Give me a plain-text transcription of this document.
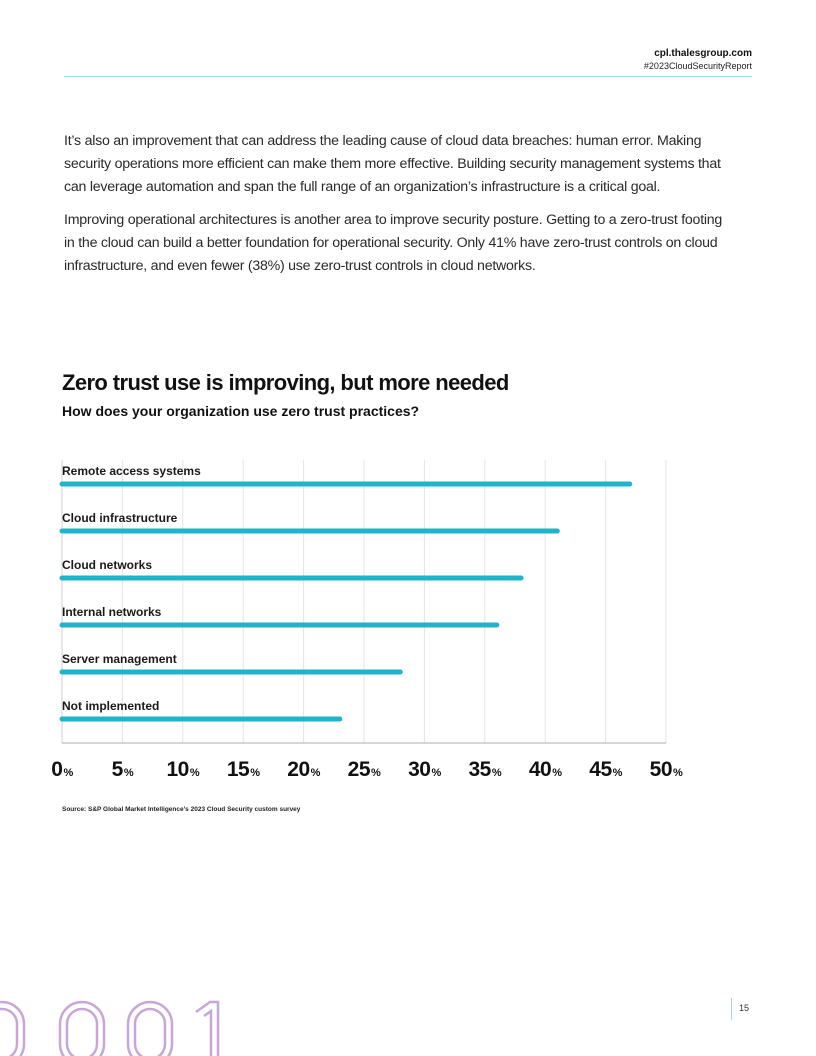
cpl.thalesgroup.com
#2023CloudSecurityReport

It’s also an improvement that can address the leading cause of cloud data breaches: human error. Making security operations more efficient can make them more effective. Building security management systems that can leverage automation and span the full range of an organization’s infrastructure is a critical goal.

Improving operational architectures is another area to improve security posture. Getting to a zero-trust footing in the cloud can build a better foundation for operational security. Only 41% have zero-trust controls on cloud infrastructure, and even fewer (38%) use zero-trust controls in cloud networks.

Zero trust use is improving, but more needed
How does your organization use zero trust practices?
Remote access systems
Cloud infrastructure
Cloud networks
Internal networks
Server management
Not implemented
0% 5% 10% 15% 20% 25% 30% 35% 40% 45% 50%
Source: S&P Global Market Intelligence’s 2023 Cloud Security custom survey
15
